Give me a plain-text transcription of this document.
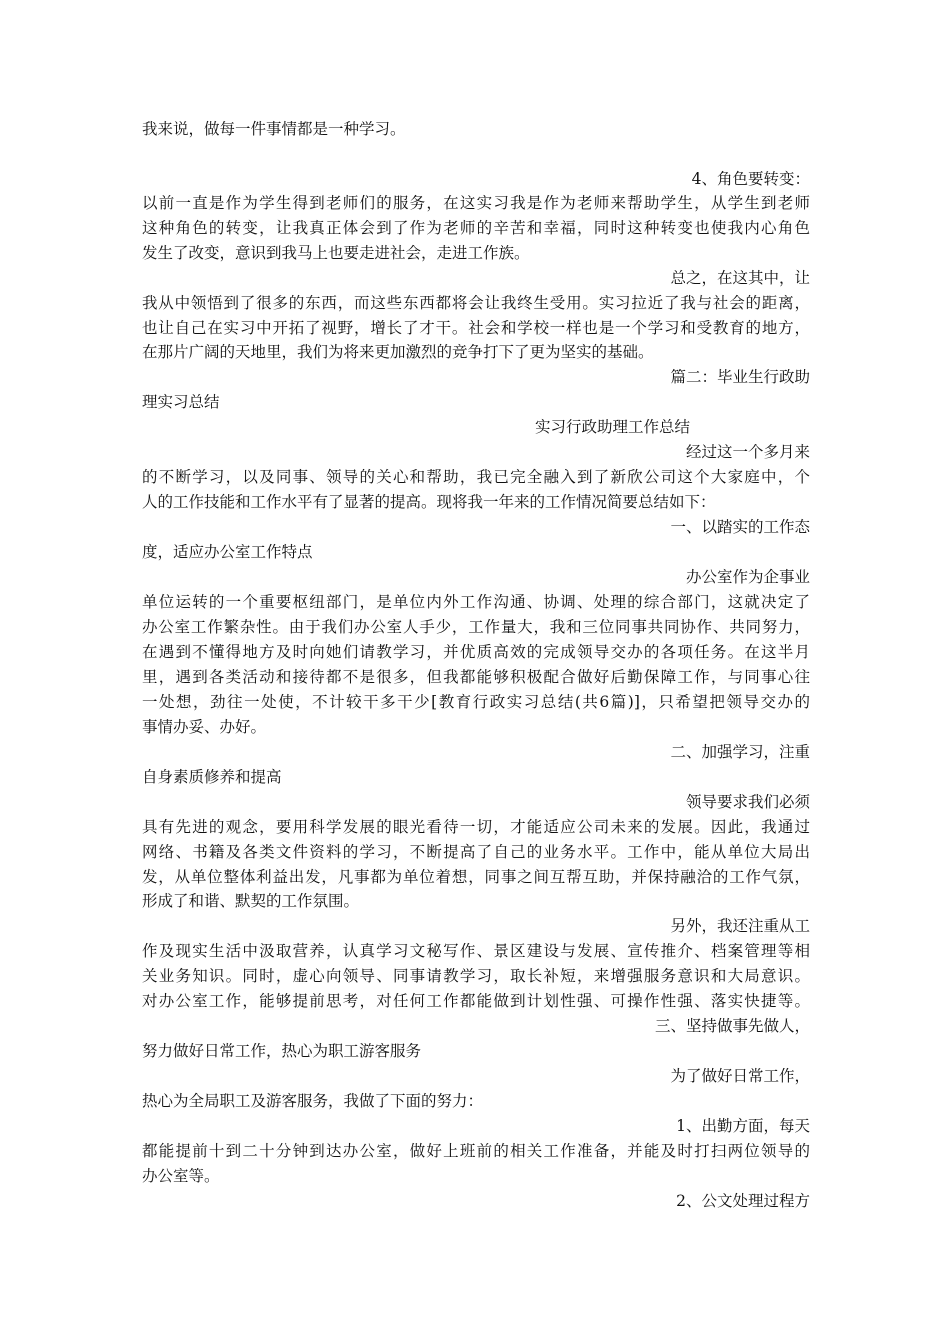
我来说，做每一件事情都是一种学习。
4、角色要转变：
以前一直是作为学生得到老师们的服务，在这实习我是作为老师来帮助学生，从学生到老师
这种角色的转变，让我真正体会到了作为老师的辛苦和幸福，同时这种转变也使我内心角色
发生了改变，意识到我马上也要走进社会，走进工作族。
总之，在这其中，让
我从中领悟到了很多的东西，而这些东西都将会让我终生受用。实习拉近了我与社会的距离，
也让自己在实习中开拓了视野，增长了才干。社会和学校一样也是一个学习和受教育的地方，
在那片广阔的天地里，我们为将来更加激烈的竞争打下了更为坚实的基础。
篇二：毕业生行政助
理实习总结
实习行政助理工作总结
经过这一个多月来
的不断学习，以及同事、领导的关心和帮助，我已完全融入到了新欣公司这个大家庭中，个
人的工作技能和工作水平有了显著的提高。现将我一年来的工作情况简要总结如下：
一、以踏实的工作态
度，适应办公室工作特点
办公室作为企事业
单位运转的一个重要枢纽部门，是单位内外工作沟通、协调、处理的综合部门，这就决定了
办公室工作繁杂性。由于我们办公室人手少，工作量大，我和三位同事共同协作、共同努力，
在遇到不懂得地方及时向她们请教学习，并优质高效的完成领导交办的各项任务。在这半月
里，遇到各类活动和接待都不是很多，但我都能够积极配合做好后勤保障工作，与同事心往
一处想，劲往一处使，不计较干多干少[教育行政实习总结(共6篇)]，只希望把领导交办的
事情办妥、办好。
二、加强学习，注重
自身素质修养和提高
领导要求我们必须
具有先进的观念，要用科学发展的眼光看待一切，才能适应公司未来的发展。因此，我通过
网络、书籍及各类文件资料的学习，不断提高了自己的业务水平。工作中，能从单位大局出
发，从单位整体利益出发，凡事都为单位着想，同事之间互帮互助，并保持融洽的工作气氛，
形成了和谐、默契的工作氛围。
另外，我还注重从工
作及现实生活中汲取营养，认真学习文秘写作、景区建设与发展、宣传推介、档案管理等相
关业务知识。同时，虚心向领导、同事请教学习，取长补短，来增强服务意识和大局意识。
对办公室工作，能够提前思考，对任何工作都能做到计划性强、可操作性强、落实快捷等。
三、坚持做事先做人，
努力做好日常工作，热心为职工游客服务
为了做好日常工作，
热心为全局职工及游客服务，我做了下面的努力：
1、出勤方面，每天
都能提前十到二十分钟到达办公室，做好上班前的相关工作准备，并能及时打扫两位领导的
办公室等。
2、公文处理过程方
